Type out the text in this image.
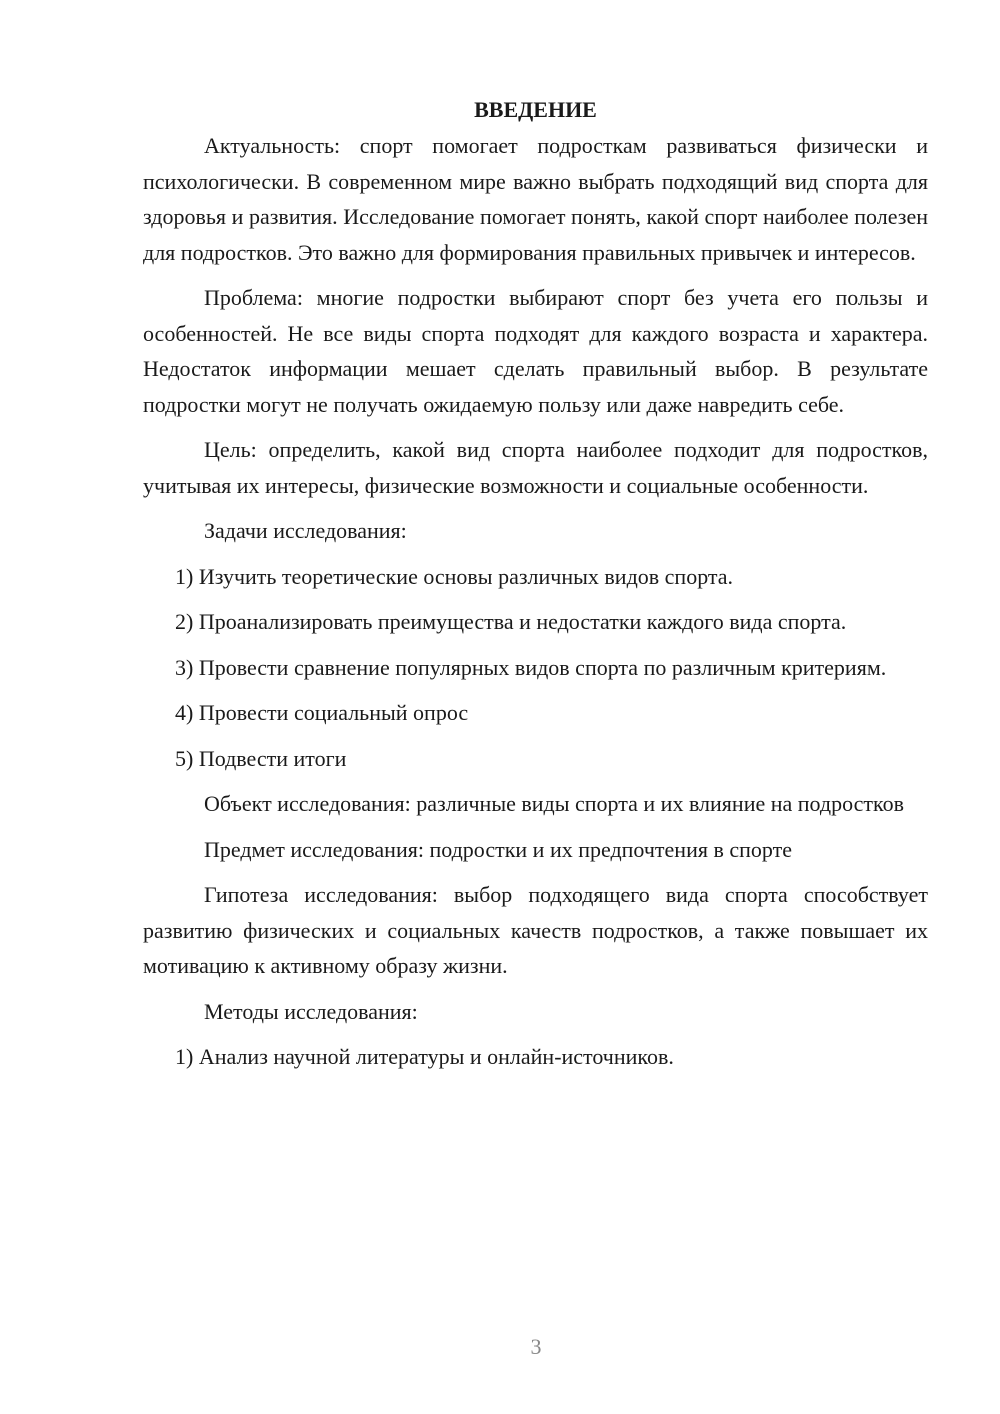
ВВЕДЕНИЕ

Актуальность: спорт помогает подросткам развиваться физически и психологически. В современном мире важно выбрать подходящий вид спорта для здоровья и развития. Исследование помогает понять, какой спорт наиболее полезен для подростков. Это важно для формирования правильных привычек и интересов.

Проблема: многие подростки выбирают спорт без учета его пользы и особенностей. Не все виды спорта подходят для каждого возраста и характера. Недостаток информации мешает сделать правильный выбор. В результате подростки могут не получать ожидаемую пользу или даже навредить себе.

Цель: определить, какой вид спорта наиболее подходит для подростков, учитывая их интересы, физические возможности и социальные особенности.

Задачи исследования:

1) Изучить теоретические основы различных видов спорта.

2) Проанализировать преимущества и недостатки каждого вида спорта.

3) Провести сравнение популярных видов спорта по различным критериям.

4) Провести социальный опрос

5) Подвести итоги

Объект исследования: различные виды спорта и их влияние на подростков

Предмет исследования: подростки и их предпочтения в спорте

Гипотеза исследования: выбор подходящего вида спорта способствует развитию физических и социальных качеств подростков, а также повышает их мотивацию к активному образу жизни.

Методы исследования:

1) Анализ научной литературы и онлайн-источников.

3
